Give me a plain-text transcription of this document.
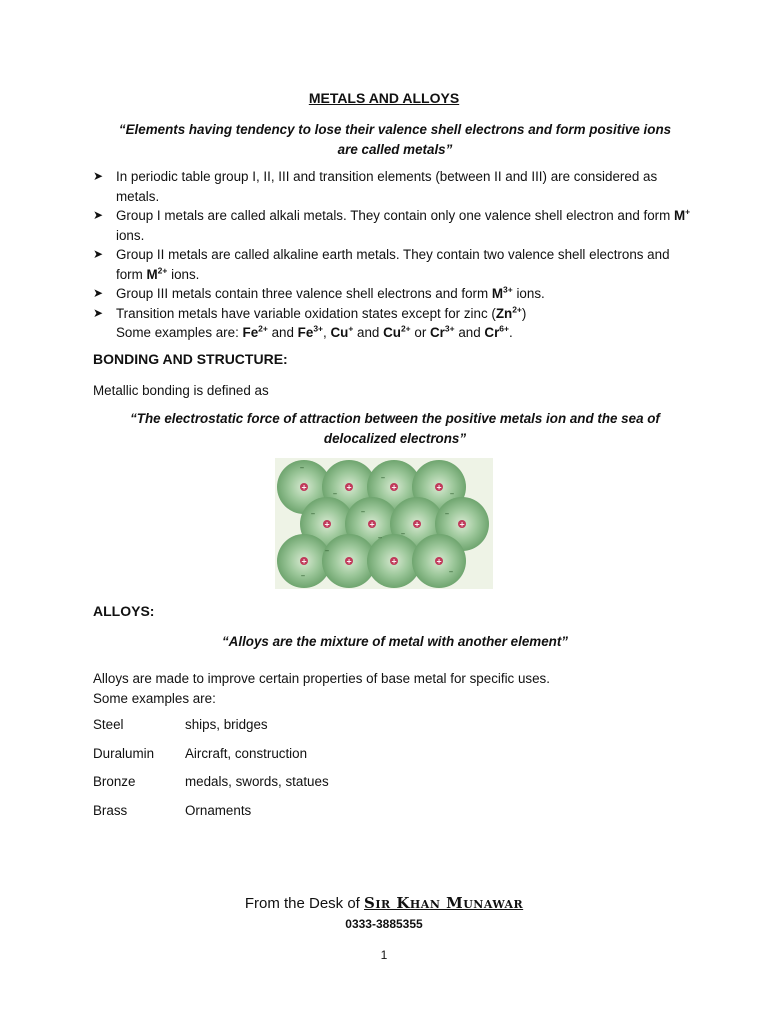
METALS AND ALLOYS
“Elements having tendency to lose their valence shell electrons and form positive ions are called metals”
➤ In periodic table group I, II, III and transition elements (between II and III) are considered as metals.
➤ Group I metals are called alkali metals. They contain only one valence shell electron and form M+ ions.
➤ Group II metals are called alkaline earth metals. They contain two valence shell electrons and form $M^{2+}$ ions.
➤ Group III metals contain three valence shell electrons and form $M^{3+}$ ions.
➤ Transition metals have variable oxidation states except for zinc $(Zn^{2+})$
Some examples are: $Fe^{2+}$ and $Fe^{3+}$, Cu+ and $Cu^{2+}$ or $Cr^{3+}$ and $Cr^{6+}$.
BONDING AND STRUCTURE:
Metallic bonding is defined as
“The electrostatic force of attraction between the positive metals ion and the sea of delocalized electrons”
+	+	+	+
+	+	+	+
+	+	+	+
–
–
–
–
–	–
– –
–
–
–
–
ALLOYS:
“Alloys are the mixture of metal with another element”
Alloys are made to improve certain properties of base metal for specific uses.
Some examples are:
Steel	ships, bridges
Duralumin	Aircraft, construction
Bronze	medals, swords, statues
Brass	Ornaments
From the Desk of Sir Khan Munawar
0333-3885355
1
